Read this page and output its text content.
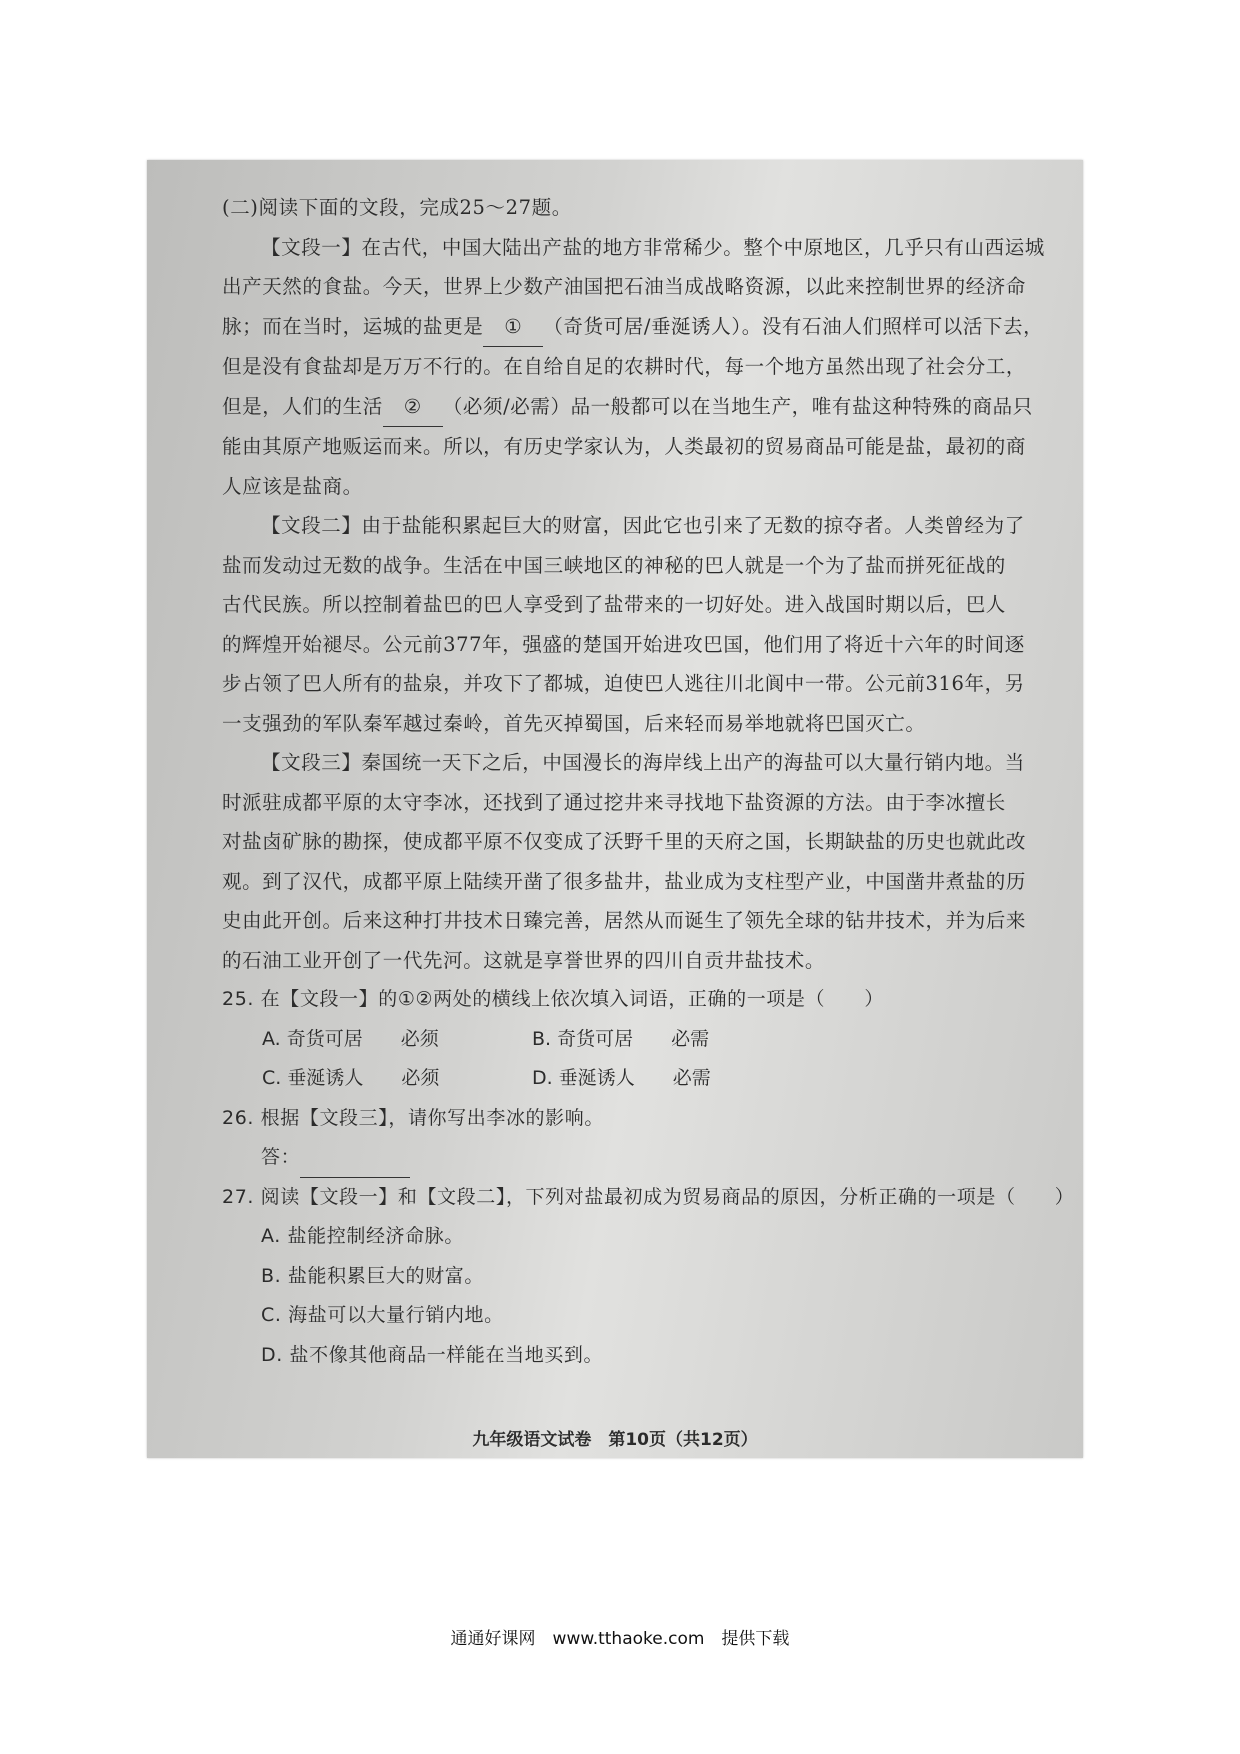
(二)阅读下面的文段，完成25～27题。
【文段一】在古代，中国大陆出产盐的地方非常稀少。整个中原地区，几乎只有山西运城
出产天然的食盐。今天，世界上少数产油国把石油当成战略资源，以此来控制世界的经济命
脉；而在当时，运城的盐更是 ① （奇货可居/垂涎诱人）。没有石油人们照样可以活下去，
但是没有食盐却是万万不行的。在自给自足的农耕时代，每一个地方虽然出现了社会分工，
但是，人们的生活 ② （必须/必需）品一般都可以在当地生产，唯有盐这种特殊的商品只
能由其原产地贩运而来。所以，有历史学家认为，人类最初的贸易商品可能是盐，最初的商
人应该是盐商。
【文段二】由于盐能积累起巨大的财富，因此它也引来了无数的掠夺者。人类曾经为了
盐而发动过无数的战争。生活在中国三峡地区的神秘的巴人就是一个为了盐而拼死征战的
古代民族。所以控制着盐巴的巴人享受到了盐带来的一切好处。进入战国时期以后，巴人
的辉煌开始褪尽。公元前377年，强盛的楚国开始进攻巴国，他们用了将近十六年的时间逐
步占领了巴人所有的盐泉，并攻下了都城，迫使巴人逃往川北阆中一带。公元前316年，另
一支强劲的军队秦军越过秦岭，首先灭掉蜀国，后来轻而易举地就将巴国灭亡。
【文段三】秦国统一天下之后，中国漫长的海岸线上出产的海盐可以大量行销内地。当
时派驻成都平原的太守李冰，还找到了通过挖井来寻找地下盐资源的方法。由于李冰擅长
对盐卤矿脉的勘探，使成都平原不仅变成了沃野千里的天府之国，长期缺盐的历史也就此改
观。到了汉代，成都平原上陆续开凿了很多盐井，盐业成为支柱型产业，中国凿井煮盐的历
史由此开创。后来这种打井技术日臻完善，居然从而诞生了领先全球的钻井技术，并为后来
的石油工业开创了一代先河。这就是享誉世界的四川自贡井盐技术。
25. 在【文段一】的①②两处的横线上依次填入词语，正确的一项是（　　）
A. 奇货可居　　必须	B. 奇货可居　　必需
C. 垂涎诱人　　必须	D. 垂涎诱人　　必需
26. 根据【文段三】，请你写出李冰的影响。
答：
27. 阅读【文段一】和【文段二】，下列对盐最初成为贸易商品的原因，分析正确的一项是（　　）
A. 盐能控制经济命脉。
B. 盐能积累巨大的财富。
C. 海盐可以大量行销内地。
D. 盐不像其他商品一样能在当地买到。
九年级语文试卷　第10页（共12页）
通通好课网　www.tthaoke.com　提供下载
